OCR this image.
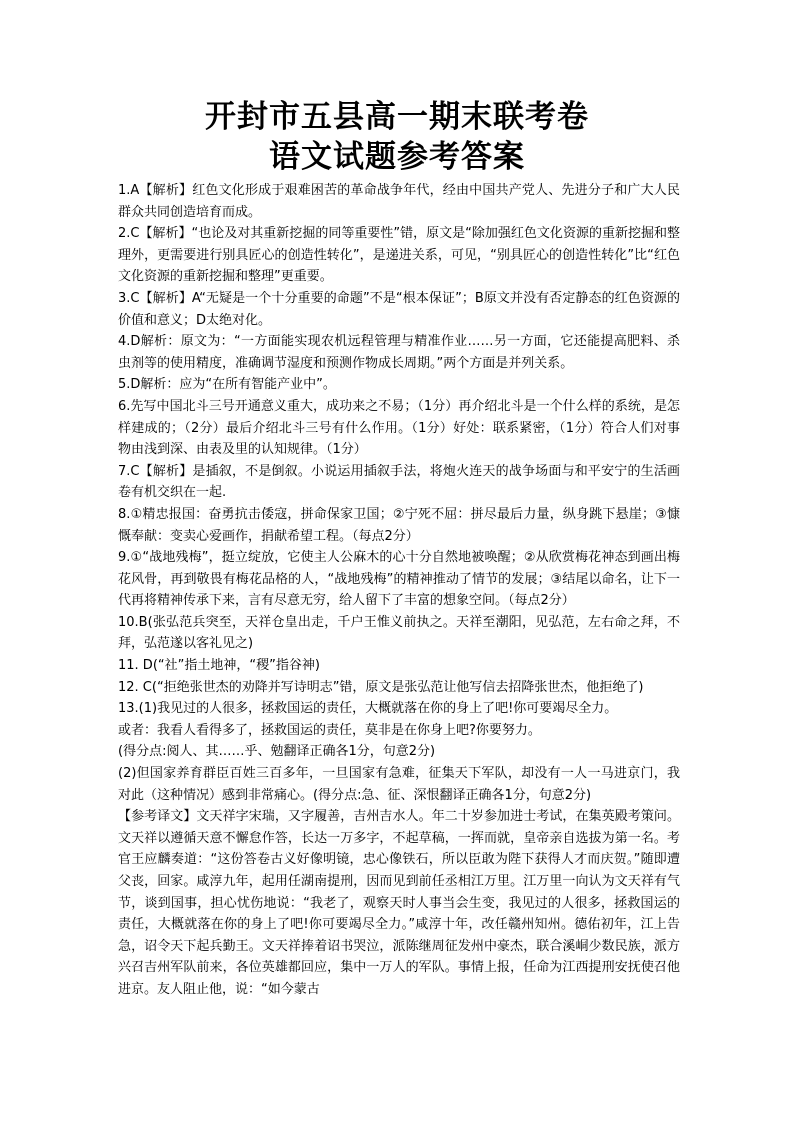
开封市五县高一期末联考卷
语文试题参考答案

1.A【解析】红色文化形成于艰难困苦的革命战争年代，经由中国共产党人、先进分子和广大人民群众共同创造培育而成。

2.C【解析】“也论及对其重新挖掘的同等重要性”错，原文是“除加强红色文化资源的重新挖掘和整理外，更需要进行别具匠心的创造性转化”，是递进关系，可见，“别具匠心的创造性转化”比“红色文化资源的重新挖掘和整理”更重要。

3.C【解析】A“无疑是一个十分重要的命题”不是“根本保证”；B原文并没有否定静态的红色资源的价值和意义；D太绝对化。

4.D解析：原文为：“一方面能实现农机远程管理与精准作业……另一方面，它还能提高肥料、杀虫剂等的使用精度，准确调节湿度和预测作物成长周期。”两个方面是并列关系。

5.D解析：应为“在所有智能产业中”。

6.先写中国北斗三号开通意义重大，成功来之不易；（1分）再介绍北斗是一个什么样的系统，是怎样建成的；（2分）最后介绍北斗三号有什么作用。（1分）好处：联系紧密，（1分）符合人们对事物由浅到深、由表及里的认知规律。（1分）

7.C【解析】是插叙，不是倒叙。小说运用插叙手法，将炮火连天的战争场面与和平安宁的生活画卷有机交织在一起.

8.①精忠报国：奋勇抗击倭寇，拼命保家卫国；②宁死不屈：拼尽最后力量，纵身跳下悬崖；③慷慨奉献：变卖心爱画作，捐献希望工程。（每点2分）

9.①“战地残梅”，挺立绽放，它使主人公麻木的心十分自然地被唤醒；②从欣赏梅花神态到画出梅花风骨，再到敬畏有梅花品格的人，“战地残梅”的精神推动了情节的发展；③结尾以命名，让下一代再将精神传承下来，言有尽意无穷，给人留下了丰富的想象空间。（每点2分）

10.B(张弘范兵突至，天祥仓皇出走，千户王惟义前执之。天祥至潮阳，见弘范，左右命之拜，不拜，弘范遂以客礼见之)

11. D(“社”指土地神，“稷”指谷神)

12. C(“拒绝张世杰的劝降并写诗明志”错，原文是张弘范让他写信去招降张世杰，他拒绝了)

13.(1)我见过的人很多，拯救国运的责任，大概就落在你的身上了吧!你可要竭尽全力。

或者：我看人看得多了，拯救国运的责任，莫非是在你身上吧?你要努力。

(得分点:阅人、其……乎、勉翻译正确各1分，句意2分)

(2)但国家养育群臣百姓三百多年，一旦国家有急难，征集天下军队，却没有一人一马进京门，我对此（这种情况）感到非常痛心。(得分点:急、征、深恨翻译正确各1分，句意2分)

【参考译文】文天祥字宋瑞，又字履善，吉州吉水人。年二十岁参加进士考试，在集英殿考策问。文天祥以遵循天意不懈怠作答，长达一万多字，不起草稿，一挥而就，皇帝亲自选拔为第一名。考官王应麟奏道：“这份答卷古义好像明镜，忠心像铁石，所以臣敢为陛下获得人才而庆贺。”随即遭父丧，回家。咸淳九年，起用任湖南提刑，因而见到前任丞相江万里。江万里一向认为文天祥有气节，谈到国事，担心忧伤地说：“我老了，观察天时人事当会生变，我见过的人很多，拯救国运的责任，大概就落在你的身上了吧!你可要竭尽全力。”咸淳十年，改任赣州知州。德佑初年，江上告急，诏令天下起兵勤王。文天祥捧着诏书哭泣，派陈继周征发州中豪杰，联合溪峒少数民族，派方兴召吉州军队前来，各位英雄都回应，集中一万人的军队。事情上报，任命为江西提刑安抚使召他进京。友人阻止他，说：“如今蒙古
